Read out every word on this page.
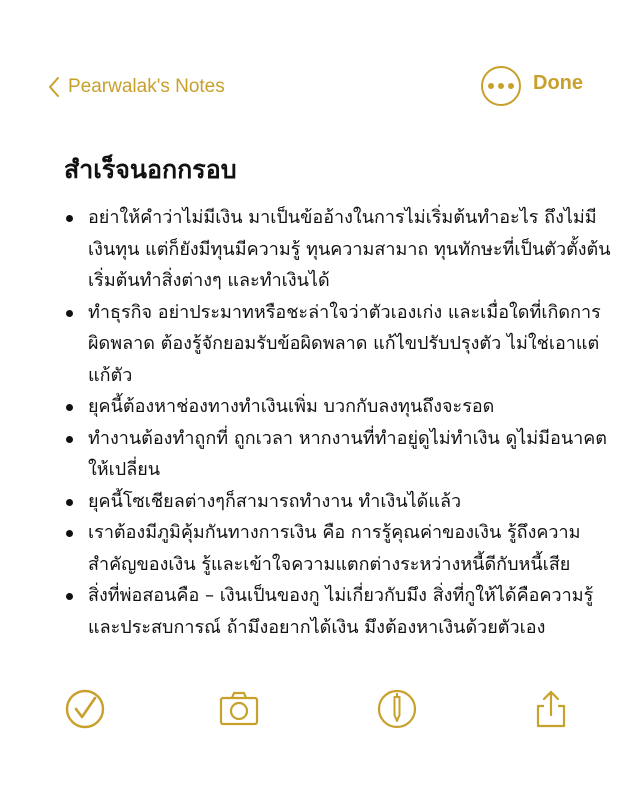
Pearwalak's Notes	Done
สำเร็จนอกกรอบ
อย่าให้คำว่าไม่มีเงิน มาเป็นข้ออ้างในการไม่เริ่มต้นทำอะไร ถึงไม่มีเงินทุน แต่ก็ยังมีทุนมีความรู้ ทุนความสามาถ ทุนทักษะที่เป็นตัวตั้งต้น เริ่มต้นทำสิ่งต่างๆ และทำเงินได้
ทำธุรกิจ อย่าประมาทหรือชะล่าใจว่าตัวเองเก่ง และเมื่อใดที่เกิดการผิดพลาด ต้องรู้จักยอมรับข้อผิดพลาด แก้ไขปรับปรุงตัว ไม่ใช่เอาแต่แก้ตัว
ยุคนี้ต้องหาช่องทางทำเงินเพิ่ม บวกกับลงทุนถึงจะรอด
ทำงานต้องทำถูกที่ ถูกเวลา หากงานที่ทำอยู่ดูไม่ทำเงิน ดูไม่มีอนาคต ให้เปลี่ยน
ยุคนี้โซเชียลต่างๆก็สามารถทำงาน ทำเงินได้แล้ว
เราต้องมีภูมิคุ้มกันทางการเงิน คือ การรู้คุณค่าของเงิน รู้ถึงความสำคัญของเงิน รู้และเข้าใจความแตกต่างระหว่างหนี้ดีกับหนี้เสีย
สิ่งที่พ่อสอนคือ – เงินเป็นของกู ไม่เกี่ยวกับมึง สิ่งที่กูให้ได้คือความรู้และประสบการณ์ ถ้ามึงอยากได้เงิน มึงต้องหาเงินด้วยตัวเอง
